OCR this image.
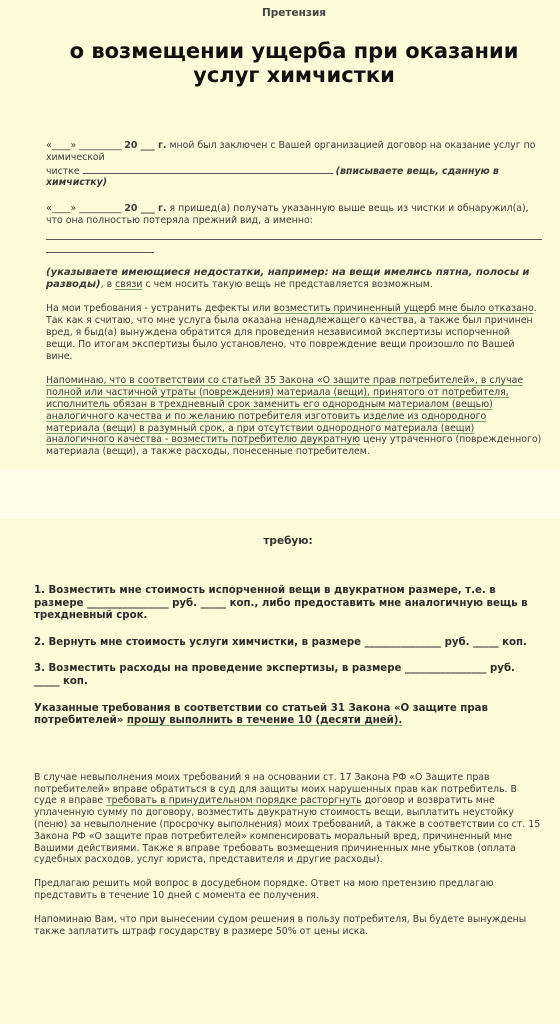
Претензия
о возмещении ущерба при оказании
услуг химчистки

«____» _________ 20 ___ г. мной был заключен с Вашей организацией договор на оказание услуг по химической
чистке	(вписываете вещь, сданную в химчистку)

«____» _________ 20 ___ г. я пришед(а) получать указанную выше вещь из чистки и обнаружил(а), что она полностью потеряла прежний вид, а именно:

(указываете имеющиеся недостатки, например: на вещи имелись пятна, полосы и разводы), в связи с чем носить такую вещь не представляется возможным.

На мои требования - устранить дефекты или возместить причиненный ущерб мне было отказано. Так как я считаю, что мне услуга была оказана ненадлежащего качества, а также был причинен вред, я быд(а) вынуждена обратится для проведения независимой экспертизы испорченной вещи. По итогам экспертизы было установлено, что повреждение вещи произошло по Вашей вине.

Напоминаю, что в соответствии со статьей 35 Закона «О защите прав потребителей», в случае полной или частичной утраты (повреждения) материала (вещи), принятого от потребителя, исполнитель обязан в трехдневный срок заменить его однородным материалом (вещью) аналогичного качества и по желанию потребителя изготовить изделие из однородного материала (вещи) в разумный срок, а при отсутствии однородного материала (вещи) аналогичного качества - возместить потребителю двукратную цену утраченного (поврежденного) материала (вещи), а также расходы, понесенные потребителем.

требую:

1. Возместить мне стоимость испорченной вещи в двукратном размере, т.е. в размере ________________ руб. _____ коп., либо предоставить мне аналогичную вещь в трехдневный срок.

2. Вернуть мне стоимость услуги химчистки, в размере _______________ руб. _____ коп.

3. Возместить расходы на проведение экспертизы, в размере ________________ руб. _____ коп.

Указанные требования в соответствии со статьей 31 Закона «О защите прав потребителей» прошу выполнить в течение 10 (десяти дней).

В случае невыполнения моих требований я на основании ст. 17 Закона РФ «О Защите прав потребителей» вправе обратиться в суд для защиты моих нарушенных прав как потребитель. В суде я вправе требовать в принудительном порядке расторгнуть договор и возвратить мне уплаченную сумму по договору, возместить двукратную стоимость вещи, выплатить неустойку (пеню) за невыполнение (просрочку выполнения) моих требований, а также в соответствии со ст. 15 Закона РФ «О защите прав потребителей» компенсировать моральный вред, причиненный мне Вашими действиями. Также я вправе требовать возмещения причиненных мне убытков (оплата судебных расходов, услуг юриста, представителя и другие расходы).

Предлагаю решить мой вопрос в досудебном порядке. Ответ на мою претензию предлагаю представить в течение 10 дней с момента ее получения.

Напоминаю Вам, что при вынесении судом решения в пользу потребителя, Вы будете вынуждены также заплатить штраф государству в размере 50% от цены иска.
